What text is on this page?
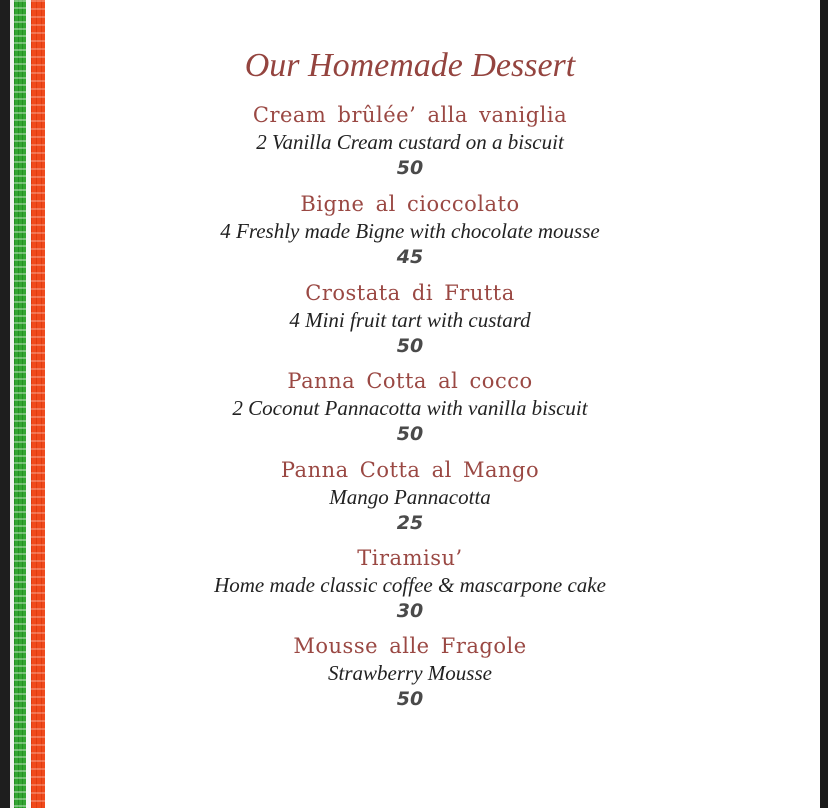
Our Homemade Dessert
Cream brûlée’ alla vaniglia
2 Vanilla Cream custard on a biscuit
50
Bigne al cioccolato
4 Freshly made Bigne with chocolate mousse
45
Crostata di Frutta
4 Mini fruit tart with custard
50
Panna Cotta al cocco
2 Coconut Pannacotta with vanilla biscuit
50
Panna Cotta al Mango
Mango Pannacotta
25
Tiramisu’
Home made classic coffee & mascarpone cake
30
Mousse alle Fragole
Strawberry Mousse
50
